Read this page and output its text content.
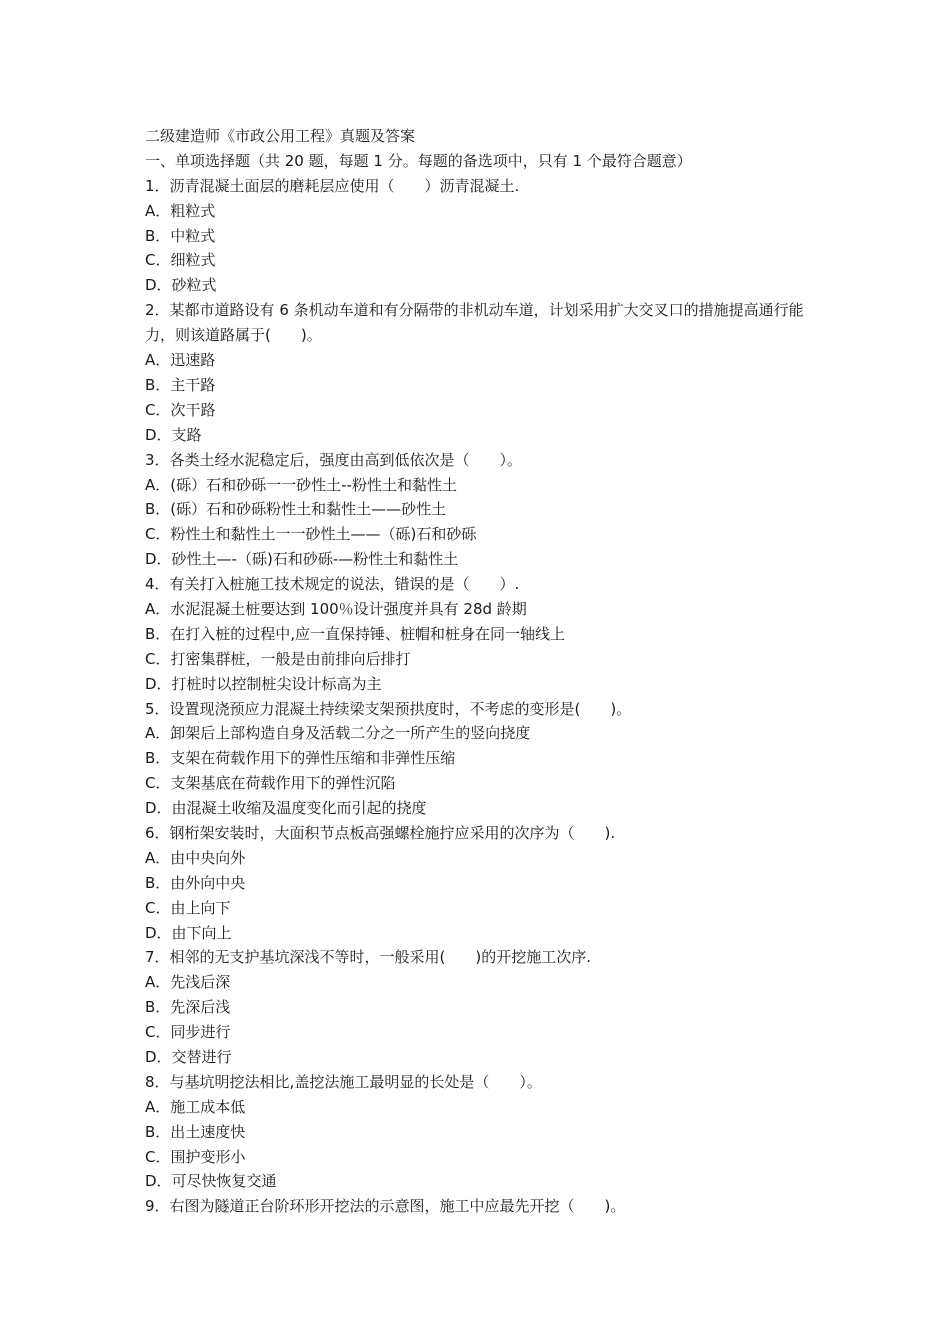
二级建造师《市政公用工程》真题及答案

一、单项选择题（共 20 题，每题 1 分。每题的备选项中，只有 1 个最符合题意）

1．沥青混凝土面层的磨耗层应使用（　　）沥青混凝土.

A．粗粒式

B．中粒式

C．细粒式

D．砂粒式

2．某都市道路设有 6 条机动车道和有分隔带的非机动车道，计划采用扩大交叉口的措施提高通行能力，则该道路属于(　　)。

A．迅速路

B．主干路

C．次干路

D．支路

3．各类土经水泥稳定后，强度由高到低依次是（　　）。

A．(砾）石和砂砾一一砂性土--粉性土和黏性土

B．(砾）石和砂砾粉性土和黏性土——砂性土

C．粉性土和黏性土一一砂性土——（砾)石和砂砾

D．砂性土—-（砾)石和砂砾-—粉性土和黏性土

4．有关打入桩施工技术规定的说法，错误的是（　　）.

A．水泥混凝土桩要达到 100％设计强度并具有 28d 龄期

B．在打入桩的过程中,应一直保持锤、桩帽和桩身在同一轴线上

C．打密集群桩，一般是由前排向后排打

D．打桩时以控制桩尖设计标高为主

5．设置现浇预应力混凝土持续梁支架预拱度时，不考虑的变形是(　　)。

A．卸架后上部构造自身及活载二分之一所产生的竖向挠度

B．支架在荷载作用下的弹性压缩和非弹性压缩

C．支架基底在荷载作用下的弹性沉陷

D．由混凝土收缩及温度变化而引起的挠度

6．钢桁架安装时，大面积节点板高强螺栓施拧应采用的次序为（　　).

A．由中央向外

B．由外向中央

C．由上向下

D．由下向上

7．相邻的无支护基坑深浅不等时，一般采用(　　)的开挖施工次序.

A．先浅后深

B．先深后浅

C．同步进行

D．交替进行

8．与基坑明挖法相比,盖挖法施工最明显的长处是（　　）。

A．施工成本低

B．出土速度快

C．围护变形小

D．可尽快恢复交通

9．右图为隧道正台阶环形开挖法的示意图，施工中应最先开挖（　　)。
